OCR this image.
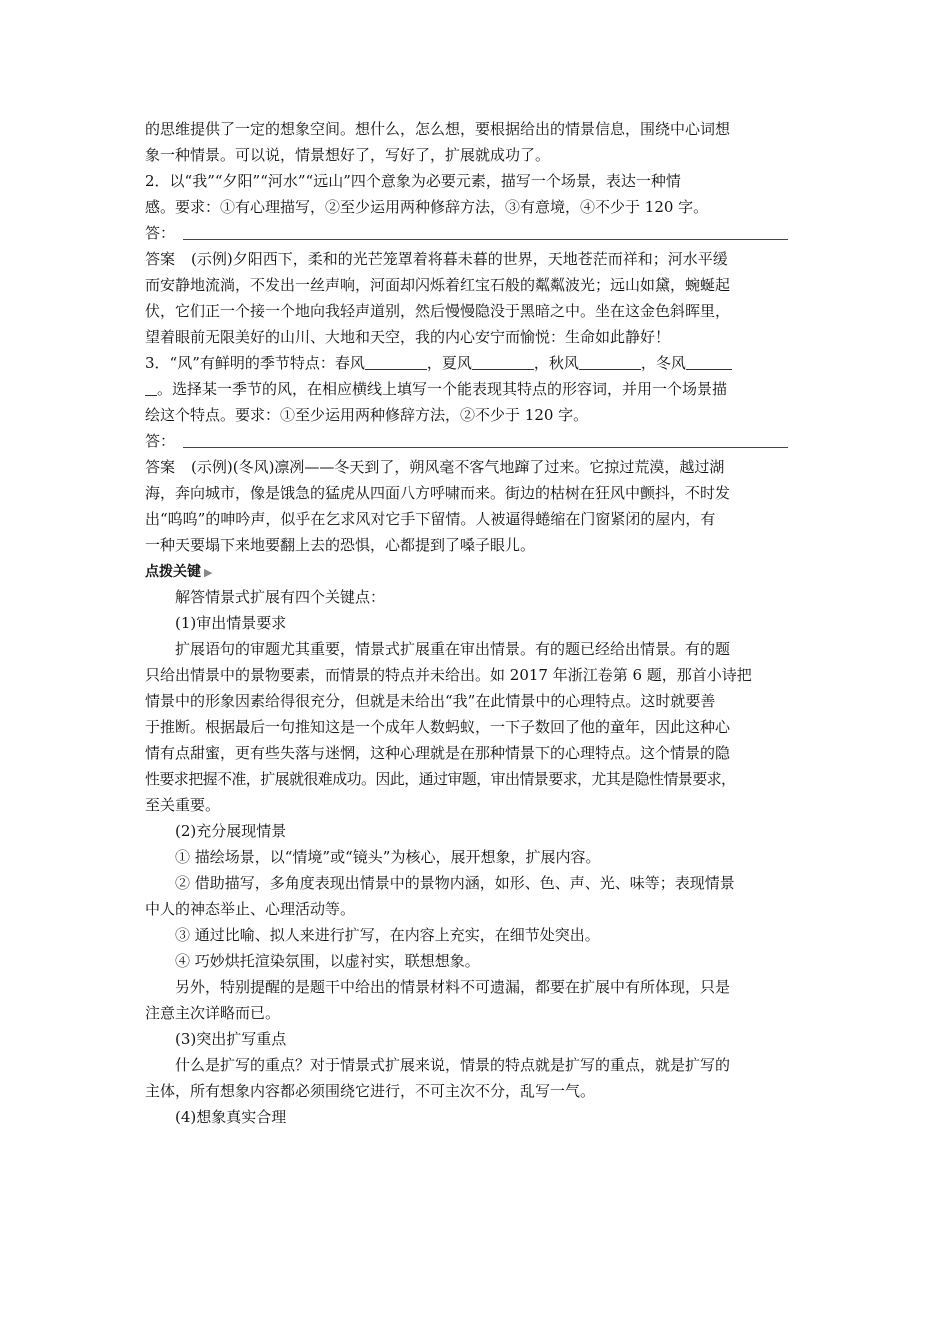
的思维提供了一定的想象空间。想什么，怎么想，要根据给出的情景信息，围绕中心词想
象一种情景。可以说，情景想好了，写好了，扩展就成功了。
2．以“我”“夕阳”“河水”“远山”四个意象为必要元素，描写一个场景，表达一种情
感。要求：①有心理描写，②至少运用两种修辞方法，③有意境，④不少于 120 字。
答：
答案 (示例)夕阳西下，柔和的光芒笼罩着将暮未暮的世界，天地苍茫而祥和；河水平缓
而安静地流淌，不发出一丝声响，河面却闪烁着红宝石般的粼粼波光；远山如黛，蜿蜒起
伏，它们正一个接一个地向我轻声道别，然后慢慢隐没于黑暗之中。坐在这金色斜晖里，
望着眼前无限美好的山川、大地和天空，我的内心安宁而愉悦：生命如此静好！
3．“风”有鲜明的季节特点：春风	，夏风	，秋风	，冬风
。选择某一季节的风，在相应横线上填写一个能表现其特点的形容词，并用一个场景描
绘这个特点。要求：①至少运用两种修辞方法，②不少于 120 字。
答：
答案 (示例)(冬风)凛冽——冬天到了，朔风毫不客气地蹿了过来。它掠过荒漠，越过湖
海，奔向城市，像是饿急的猛虎从四面八方呼啸而来。街边的枯树在狂风中颤抖，不时发
出“呜呜”的呻吟声，似乎在乞求风对它手下留情。人被逼得蜷缩在门窗紧闭的屋内，有
一种天要塌下来地要翻上去的恐惧，心都提到了嗓子眼儿。
点拨关键 ▶
解答情景式扩展有四个关键点：
(1)审出情景要求
扩展语句的审题尤其重要，情景式扩展重在审出情景。有的题已经给出情景。有的题
只给出情景中的景物要素，而情景的特点并未给出。如 2017 年浙江卷第 6 题，那首小诗把
情景中的形象因素给得很充分，但就是未给出“我”在此情景中的心理特点。这时就要善
于推断。根据最后一句推知这是一个成年人数蚂蚁，一下子数回了他的童年，因此这种心
情有点甜蜜，更有些失落与迷惘，这种心理就是在那种情景下的心理特点。这个情景的隐
性要求把握不准，扩展就很难成功。因此，通过审题，审出情景要求，尤其是隐性情景要求，
至关重要。
(2)充分展现情景
① 描绘场景，以“情境”或“镜头”为核心，展开想象，扩展内容。
② 借助描写，多角度表现出情景中的景物内涵，如形、色、声、光、味等；表现情景
中人的神态举止、心理活动等。
③ 通过比喻、拟人来进行扩写，在内容上充实，在细节处突出。
④ 巧妙烘托渲染氛围，以虚衬实，联想想象。
另外，特别提醒的是题干中给出的情景材料不可遗漏，都要在扩展中有所体现，只是
注意主次详略而已。
(3)突出扩写重点
什么是扩写的重点？对于情景式扩展来说，情景的特点就是扩写的重点，就是扩写的
主体，所有想象内容都必须围绕它进行，不可主次不分，乱写一气。
(4)想象真实合理
